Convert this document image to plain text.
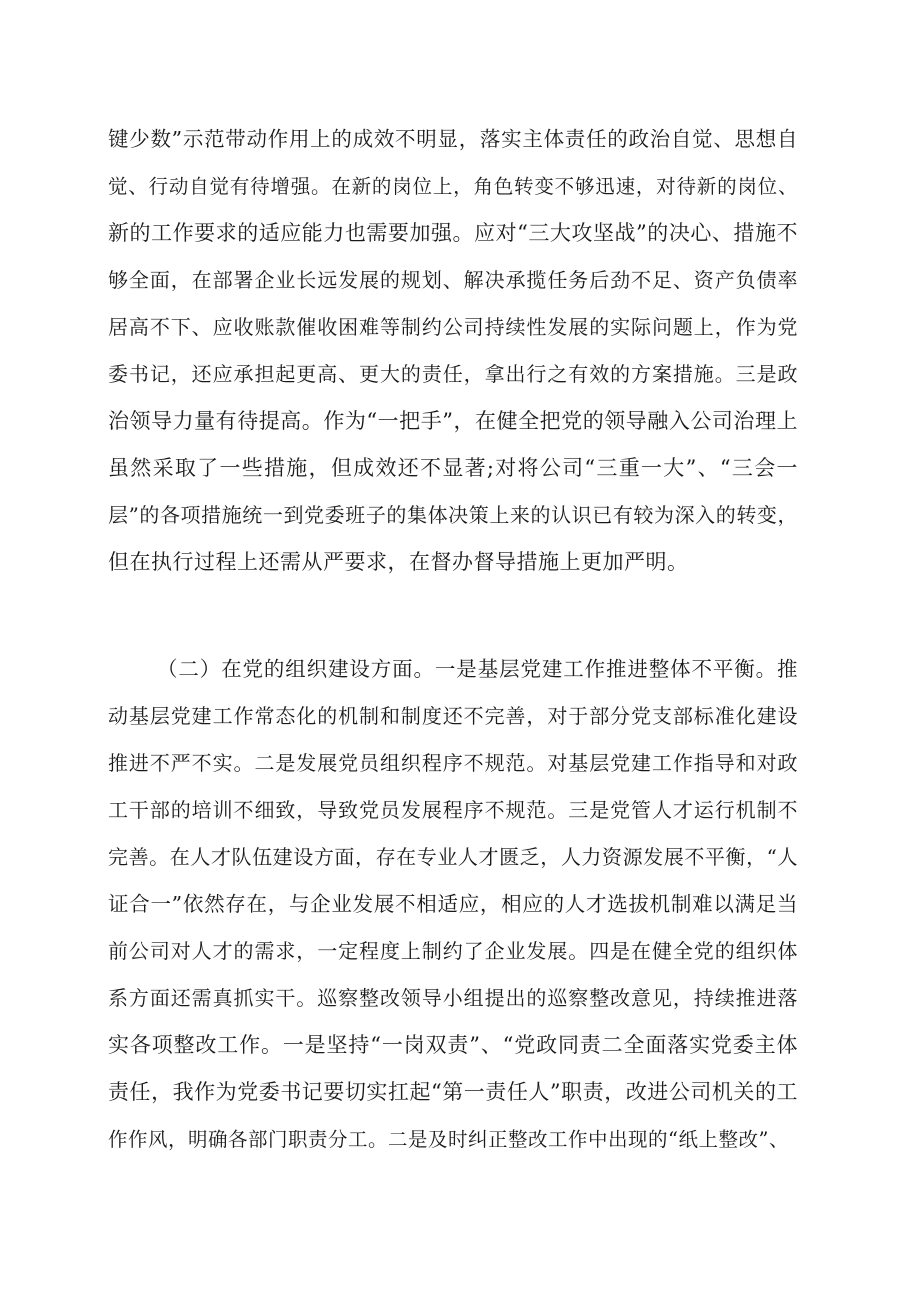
键少数”示范带动作用上的成效不明显，落实主体责任的政治自觉、思想自
觉、行动自觉有待增强。在新的岗位上，角色转变不够迅速，对待新的岗位、
新的工作要求的适应能力也需要加强。应对“三大攻坚战”的决心、措施不
够全面，在部署企业长远发展的规划、解决承揽任务后劲不足、资产负债率
居高不下、应收账款催收困难等制约公司持续性发展的实际问题上，作为党
委书记，还应承担起更高、更大的责任，拿出行之有效的方案措施。三是政
治领导力量有待提高。作为“一把手”，在健全把党的领导融入公司治理上
虽然采取了一些措施，但成效还不显著;对将公司“三重一大”、“三会一
层”的各项措施统一到党委班子的集体决策上来的认识已有较为深入的转变，
但在执行过程上还需从严要求，在督办督导措施上更加严明。
（二）在党的组织建设方面。一是基层党建工作推进整体不平衡。推
动基层党建工作常态化的机制和制度还不完善，对于部分党支部标准化建设
推进不严不实。二是发展党员组织程序不规范。对基层党建工作指导和对政
工干部的培训不细致，导致党员发展程序不规范。三是党管人才运行机制不
完善。在人才队伍建设方面，存在专业人才匮乏，人力资源发展不平衡，“人
证合一”依然存在，与企业发展不相适应，相应的人才选拔机制难以满足当
前公司对人才的需求，一定程度上制约了企业发展。四是在健全党的组织体
系方面还需真抓实干。巡察整改领导小组提出的巡察整改意见，持续推进落
实各项整改工作。一是坚持“一岗双责”、“党政同责二全面落实党委主体
责任，我作为党委书记要切实扛起“第一责任人”职责，改进公司机关的工
作作风，明确各部门职责分工。二是及时纠正整改工作中出现的“纸上整改”、
